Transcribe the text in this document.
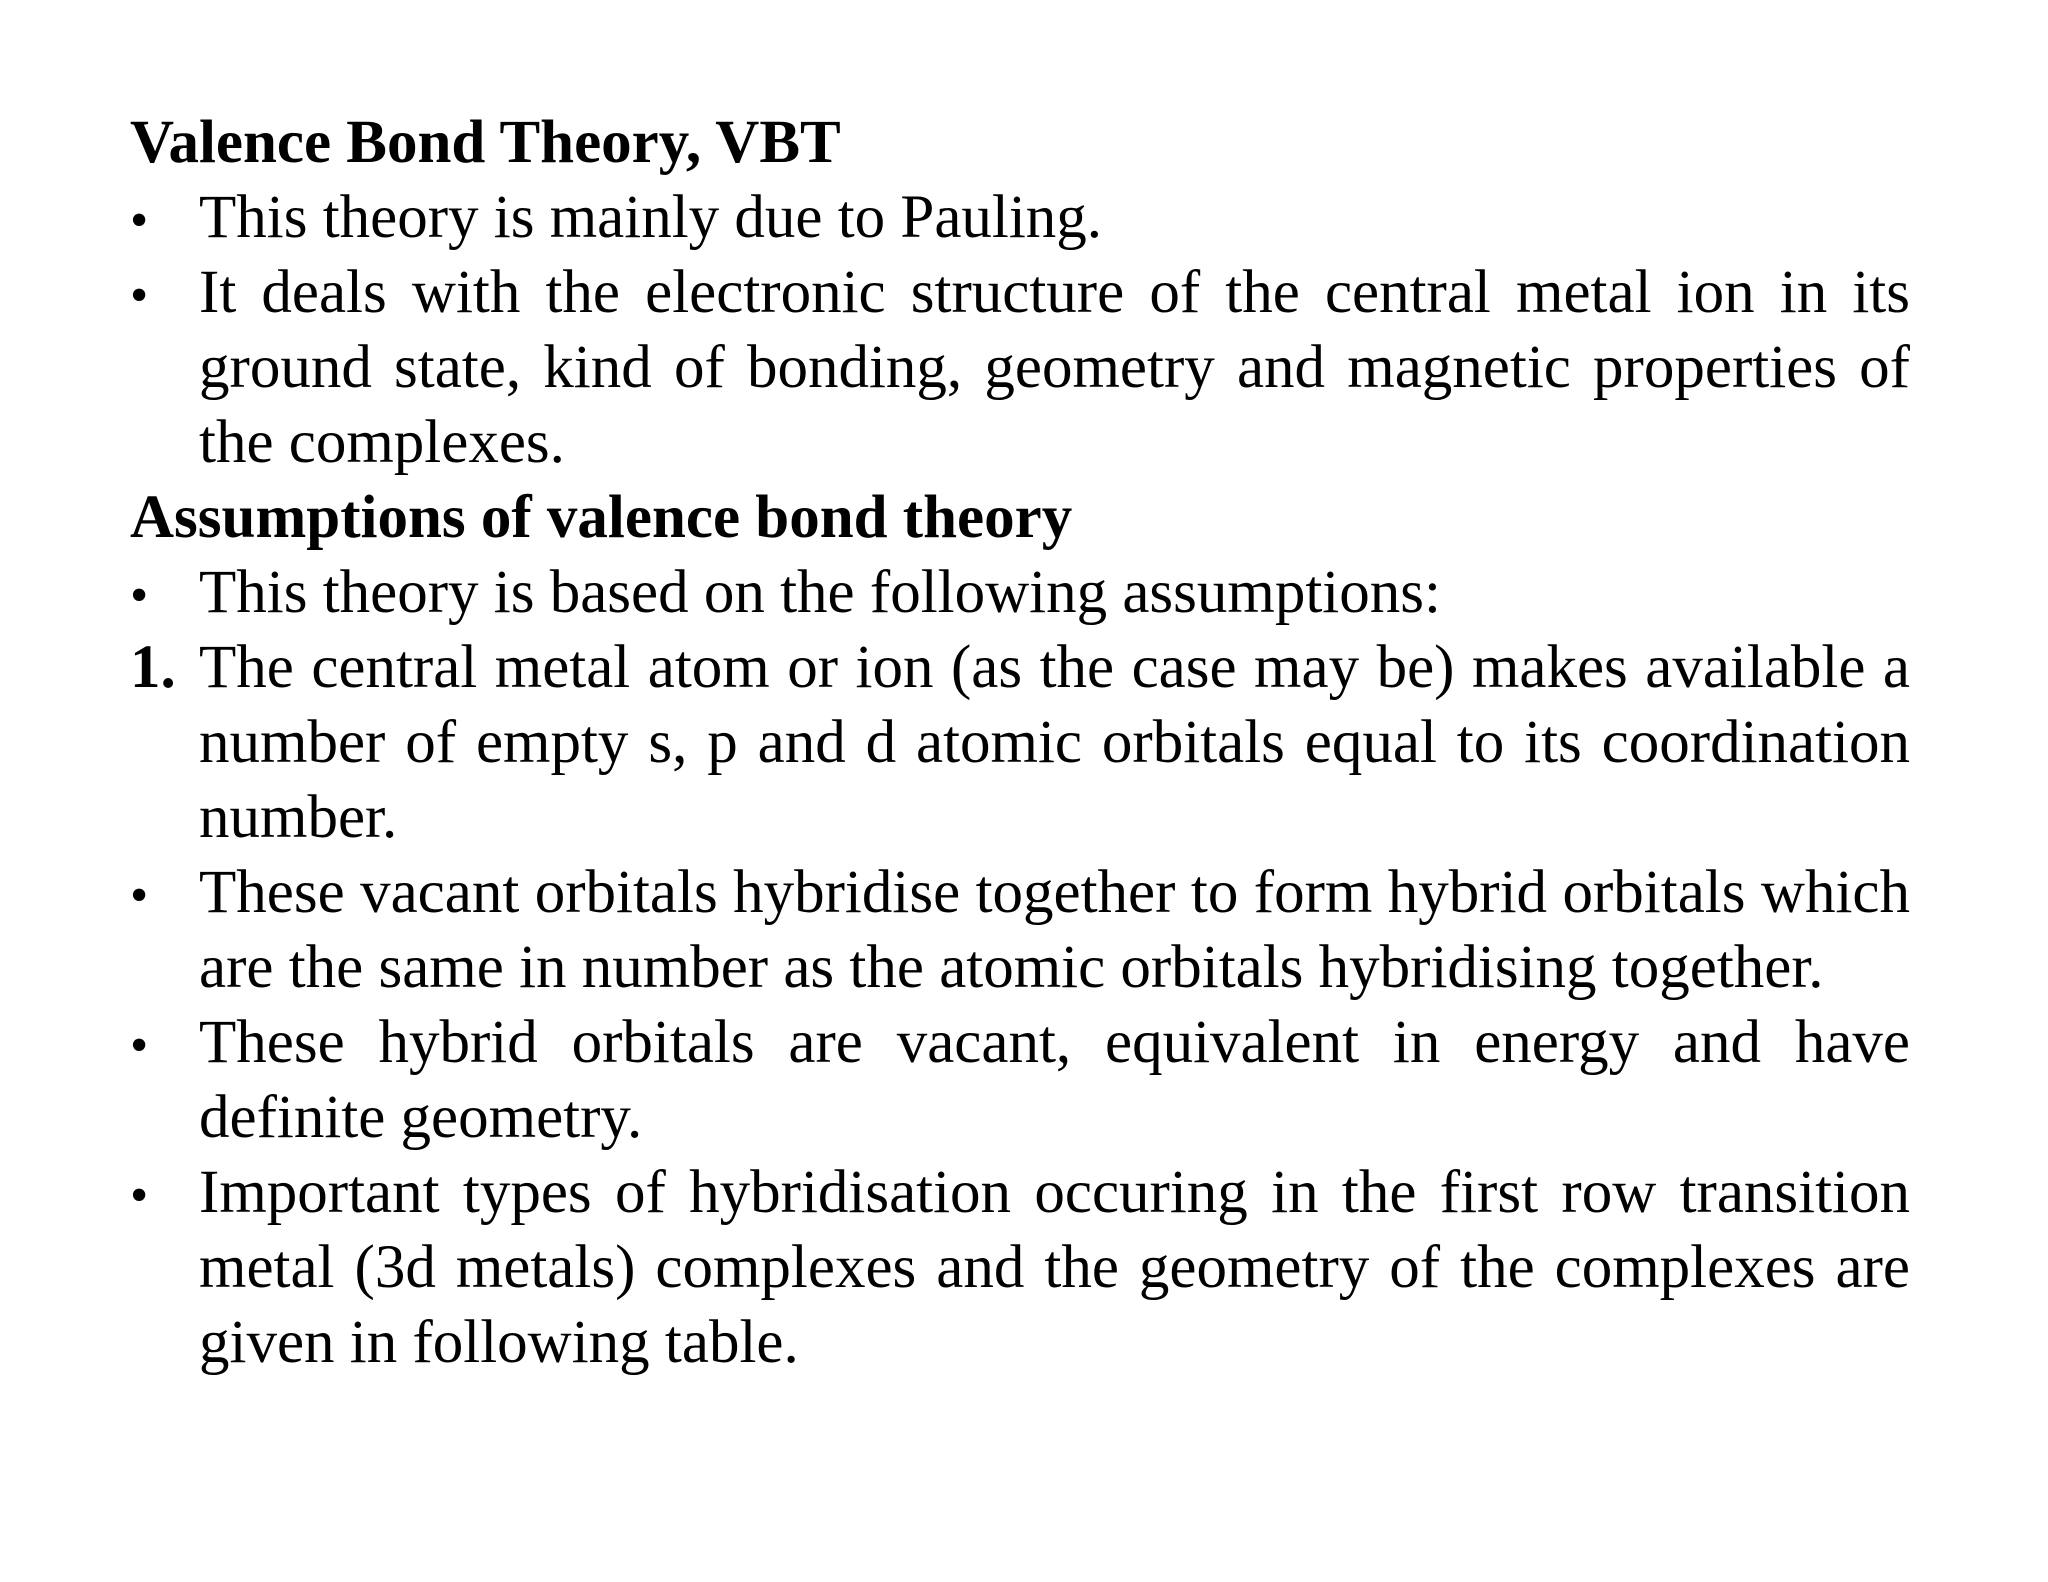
Valence Bond Theory, VBT

• This theory is mainly due to Pauling.

• It deals with the electronic structure of the central metal ion in its ground state, kind of bonding, geometry and magnetic properties of the complexes.

Assumptions of valence bond theory

• This theory is based on the following assumptions:

1. The central metal atom or ion (as the case may be) makes available a number of empty s, p and d atomic orbitals equal to its coordination number.

• These vacant orbitals hybridise together to form hybrid orbitals which are the same in number as the atomic orbitals hybridising together.

• These hybrid orbitals are vacant, equivalent in energy and have definite geometry.

• Important types of hybridisation occuring in the first row transition metal (3d metals) complexes and the geometry of the complexes are given in following table.
